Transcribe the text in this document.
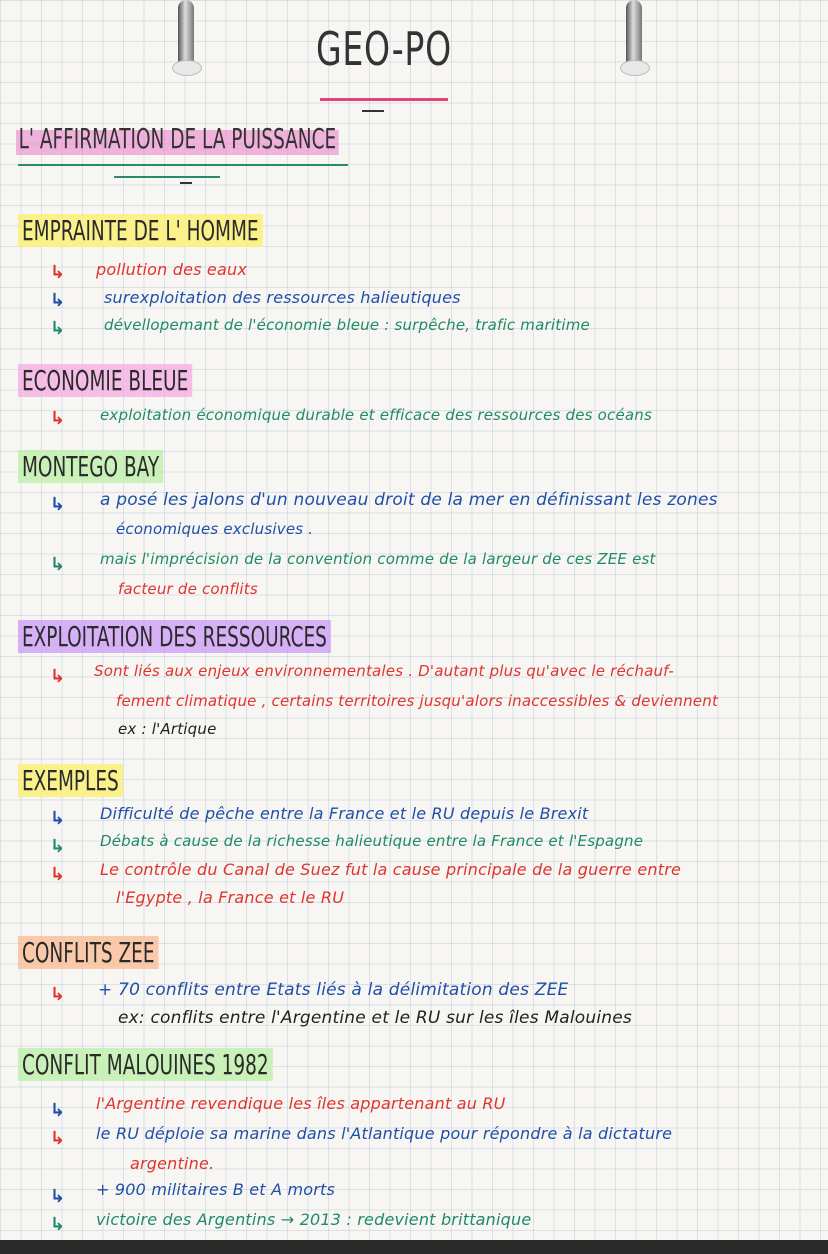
GEO-PO
L' AFFIRMATION DE LA PUISSANCE
EMPRAINTE DE L' HOMME
↳ pollution des eaux
↳ surexploitation des ressources halieutiques
↳	dévellopemant de l'économie bleue : surpêche, trafic maritime
ECONOMIE BLEUE
↳ exploitation économique durable et efficace des ressources des océans
MONTEGO BAY
↳ a posé les jalons d'un nouveau droit de la mer en définissant les zones
économiques exclusives .
↳ mais l'imprécision de la convention comme de la largeur de ces ZEE est
facteur de conflits
EXPLOITATION DES RESSOURCES
↳ Sont liés aux enjeux environnementales . D'autant plus qu'avec le réchauf-
fement climatique , certains territoires jusqu'alors inaccessibles & deviennent
ex : l'Artique
EXEMPLES
↳ Difficulté de pêche entre la France et le RU depuis le Brexit
↳ Débats à cause de la richesse halieutique entre la France et l'Espagne
↳ Le contrôle du Canal de Suez fut la cause principale de la guerre entre
l'Egypte , la France et le RU
CONFLITS ZEE
↳ + 70 conflits entre Etats liés à la délimitation des ZEE
ex: conflits entre l'Argentine et le RU sur les îles Malouines
CONFLIT MALOUINES 1982
↳ l'Argentine revendique les îles appartenant au RU
↳ le RU déploie sa marine dans l'Atlantique pour répondre à la dictature
argentine.
↳ + 900 militaires B et A morts
↳ victoire des Argentins → 2013 : redevient brittanique
